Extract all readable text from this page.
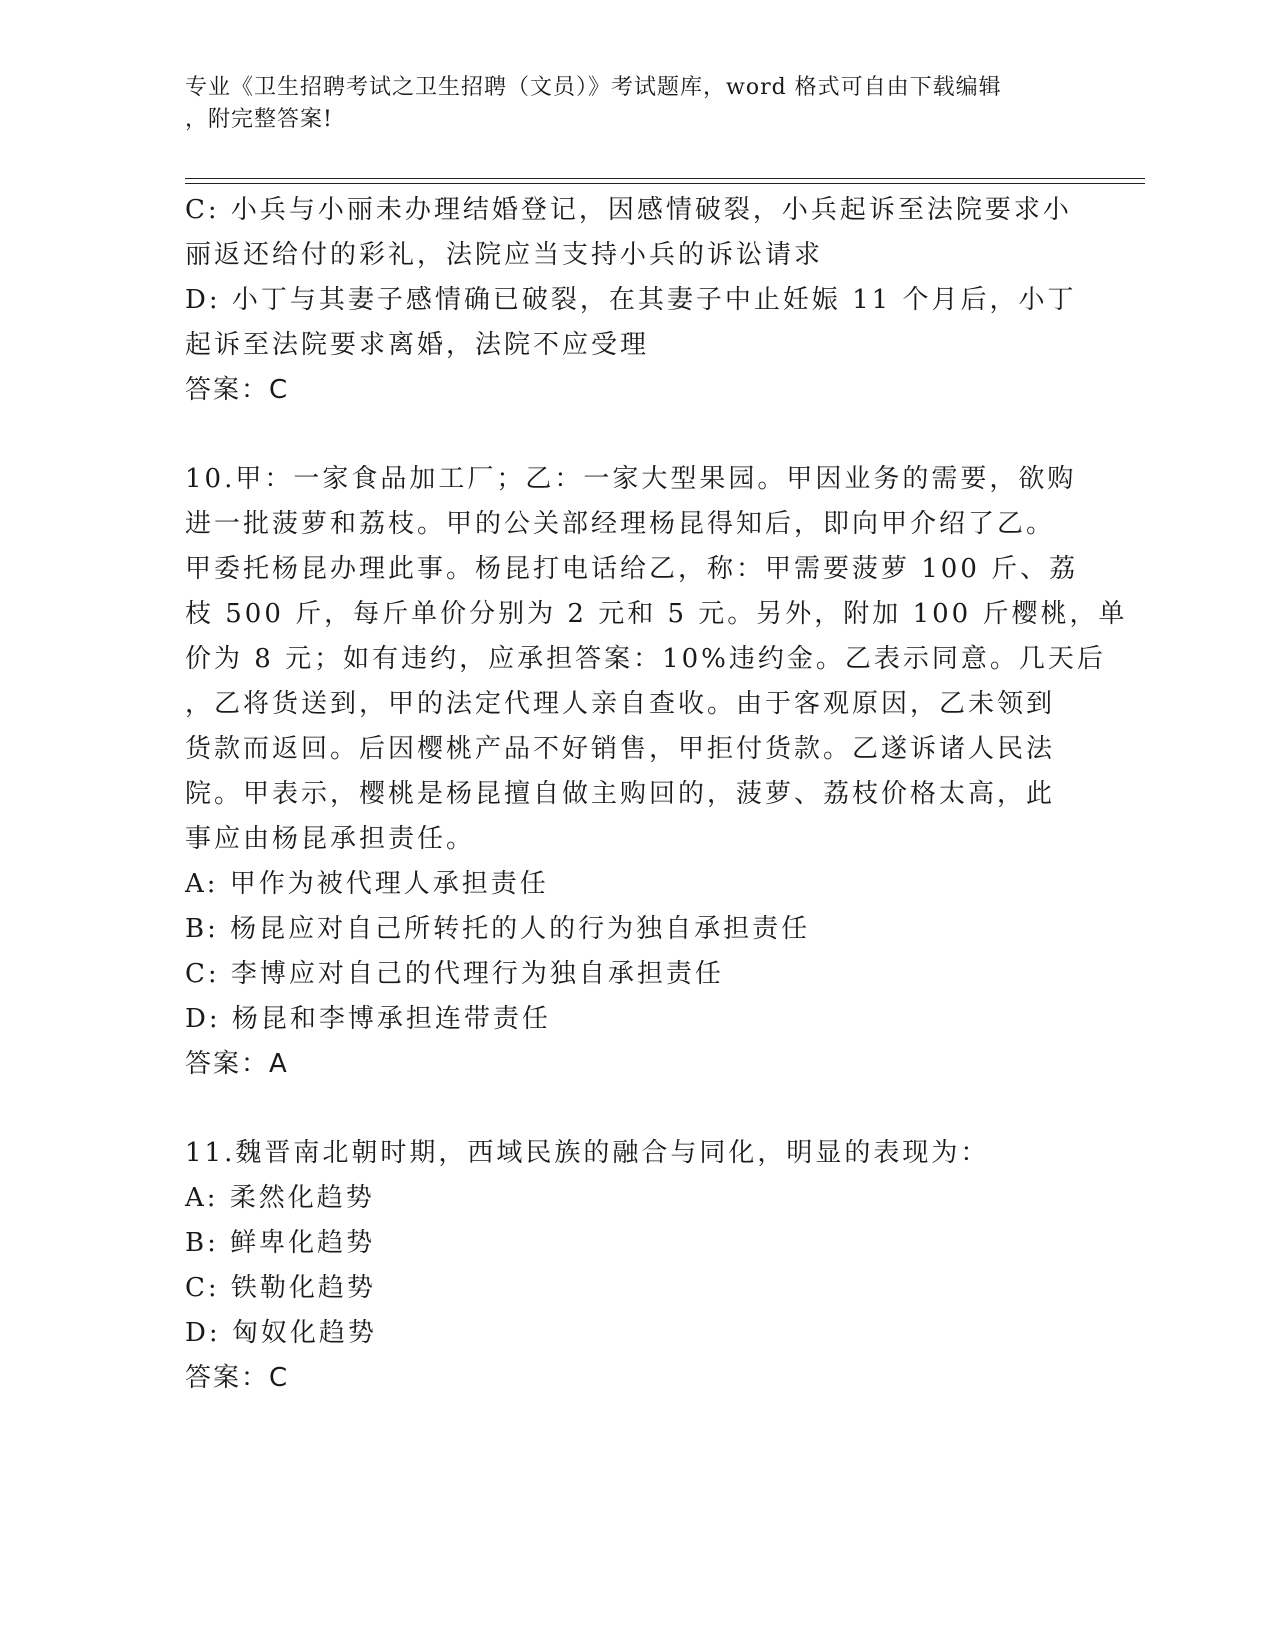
专业《卫生招聘考试之卫生招聘（文员）》考试题库，word 格式可自由下载编辑
，附完整答案!
C: 小兵与小丽未办理结婚登记，因感情破裂，小兵起诉至法院要求小
丽返还给付的彩礼，法院应当支持小兵的诉讼请求
D: 小丁与其妻子感情确已破裂，在其妻子中止妊娠 11 个月后，小丁
起诉至法院要求离婚，法院不应受理
答案：C
10.甲：一家食品加工厂；乙：一家大型果园。甲因业务的需要，欲购
进一批菠萝和荔枝。甲的公关部经理杨昆得知后，即向甲介绍了乙。
甲委托杨昆办理此事。杨昆打电话给乙，称：甲需要菠萝 100 斤、荔
枝 500 斤，每斤单价分别为 2 元和 5 元。另外，附加 100 斤樱桃，单
价为 8 元；如有违约，应承担答案：10%违约金。乙表示同意。几天后
，乙将货送到，甲的法定代理人亲自查收。由于客观原因，乙未领到
货款而返回。后因樱桃产品不好销售，甲拒付货款。乙遂诉诸人民法
院。甲表示，樱桃是杨昆擅自做主购回的，菠萝、荔枝价格太高，此
事应由杨昆承担责任。
A: 甲作为被代理人承担责任
B: 杨昆应对自己所转托的人的行为独自承担责任
C: 李博应对自己的代理行为独自承担责任
D: 杨昆和李博承担连带责任
答案：A
11.魏晋南北朝时期，西域民族的融合与同化，明显的表现为：
A: 柔然化趋势
B: 鲜卑化趋势
C: 铁勒化趋势
D: 匈奴化趋势
答案：C
